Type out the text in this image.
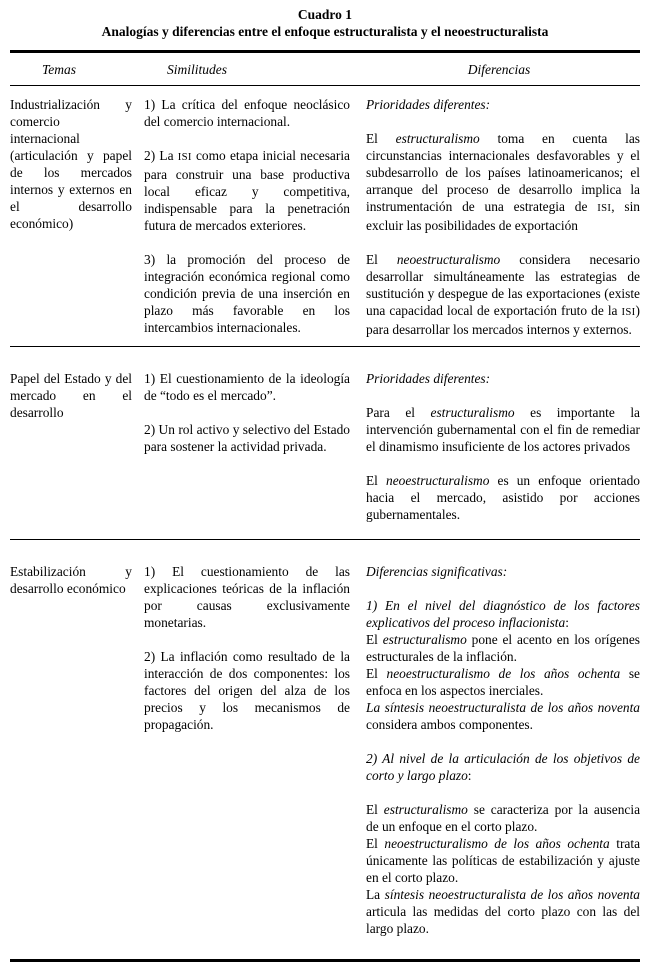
Cuadro 1
Analogías y diferencias entre el enfoque estructuralista y el neoestructuralista
Temas	Similitudes	Diferencias

Industrialización y comercio internacional (articulación y papel de los mercados internos y externos en el desarrollo económico)

1) La crítica del enfoque neoclásico del comercio internacional.

2) La ISI como etapa inicial necesaria para construir una base productiva local eficaz y competitiva, indispensable para la penetración futura de mercados exteriores.

3) la promoción del proceso de integración económica regional como condición previa de una inserción en plazo más favorable en los intercambios internacionales.

Prioridades diferentes:

El estructuralismo toma en cuenta las circunstancias internacionales desfavorables y el subdesarrollo de los países latinoamericanos; el arranque del proceso de desarrollo implica la instrumentación de una estrategia de ISI, sin excluir las posibilidades de exportación

El neoestructuralismo considera necesario desarrollar simultáneamente las estrategias de sustitución y despegue de las exportaciones (existe una capacidad local de exportación fruto de la ISI) para desarrollar los mercados internos y externos.

Papel del Estado y del mercado en el desarrollo

1) El cuestionamiento de la ideología de “todo es el mercado”.

2) Un rol activo y selectivo del Estado para sostener la actividad privada.

Prioridades diferentes:

Para el estructuralismo es importante la intervención gubernamental con el fin de remediar el dinamismo insuficiente de los actores privados

El neoestructuralismo es un enfoque orientado hacia el mercado, asistido por acciones gubernamentales.

Estabilización y desarrollo económico

1) El cuestionamiento de las explicaciones teóricas de la inflación por causas exclusivamente monetarias.

2) La inflación como resultado de la interacción de dos componentes: los factores del origen del alza de los precios y los mecanismos de propagación.

Diferencias significativas:

1) En el nivel del diagnóstico de los factores explicativos del proceso inflacionista:

El estructuralismo pone el acento en los orígenes estructurales de la inflación.

El neoestructuralismo de los años ochenta se enfoca en los aspectos inerciales.

La síntesis neoestructuralista de los años noventa considera ambos componentes.

2) Al nivel de la articulación de los objetivos de corto y largo plazo:

El estructuralismo se caracteriza por la ausencia de un enfoque en el corto plazo.

El neoestructuralismo de los años ochenta trata únicamente las políticas de estabilización y ajuste en el corto plazo.

La síntesis neoestructuralista de los años noventa articula las medidas del corto plazo con las del largo plazo.
